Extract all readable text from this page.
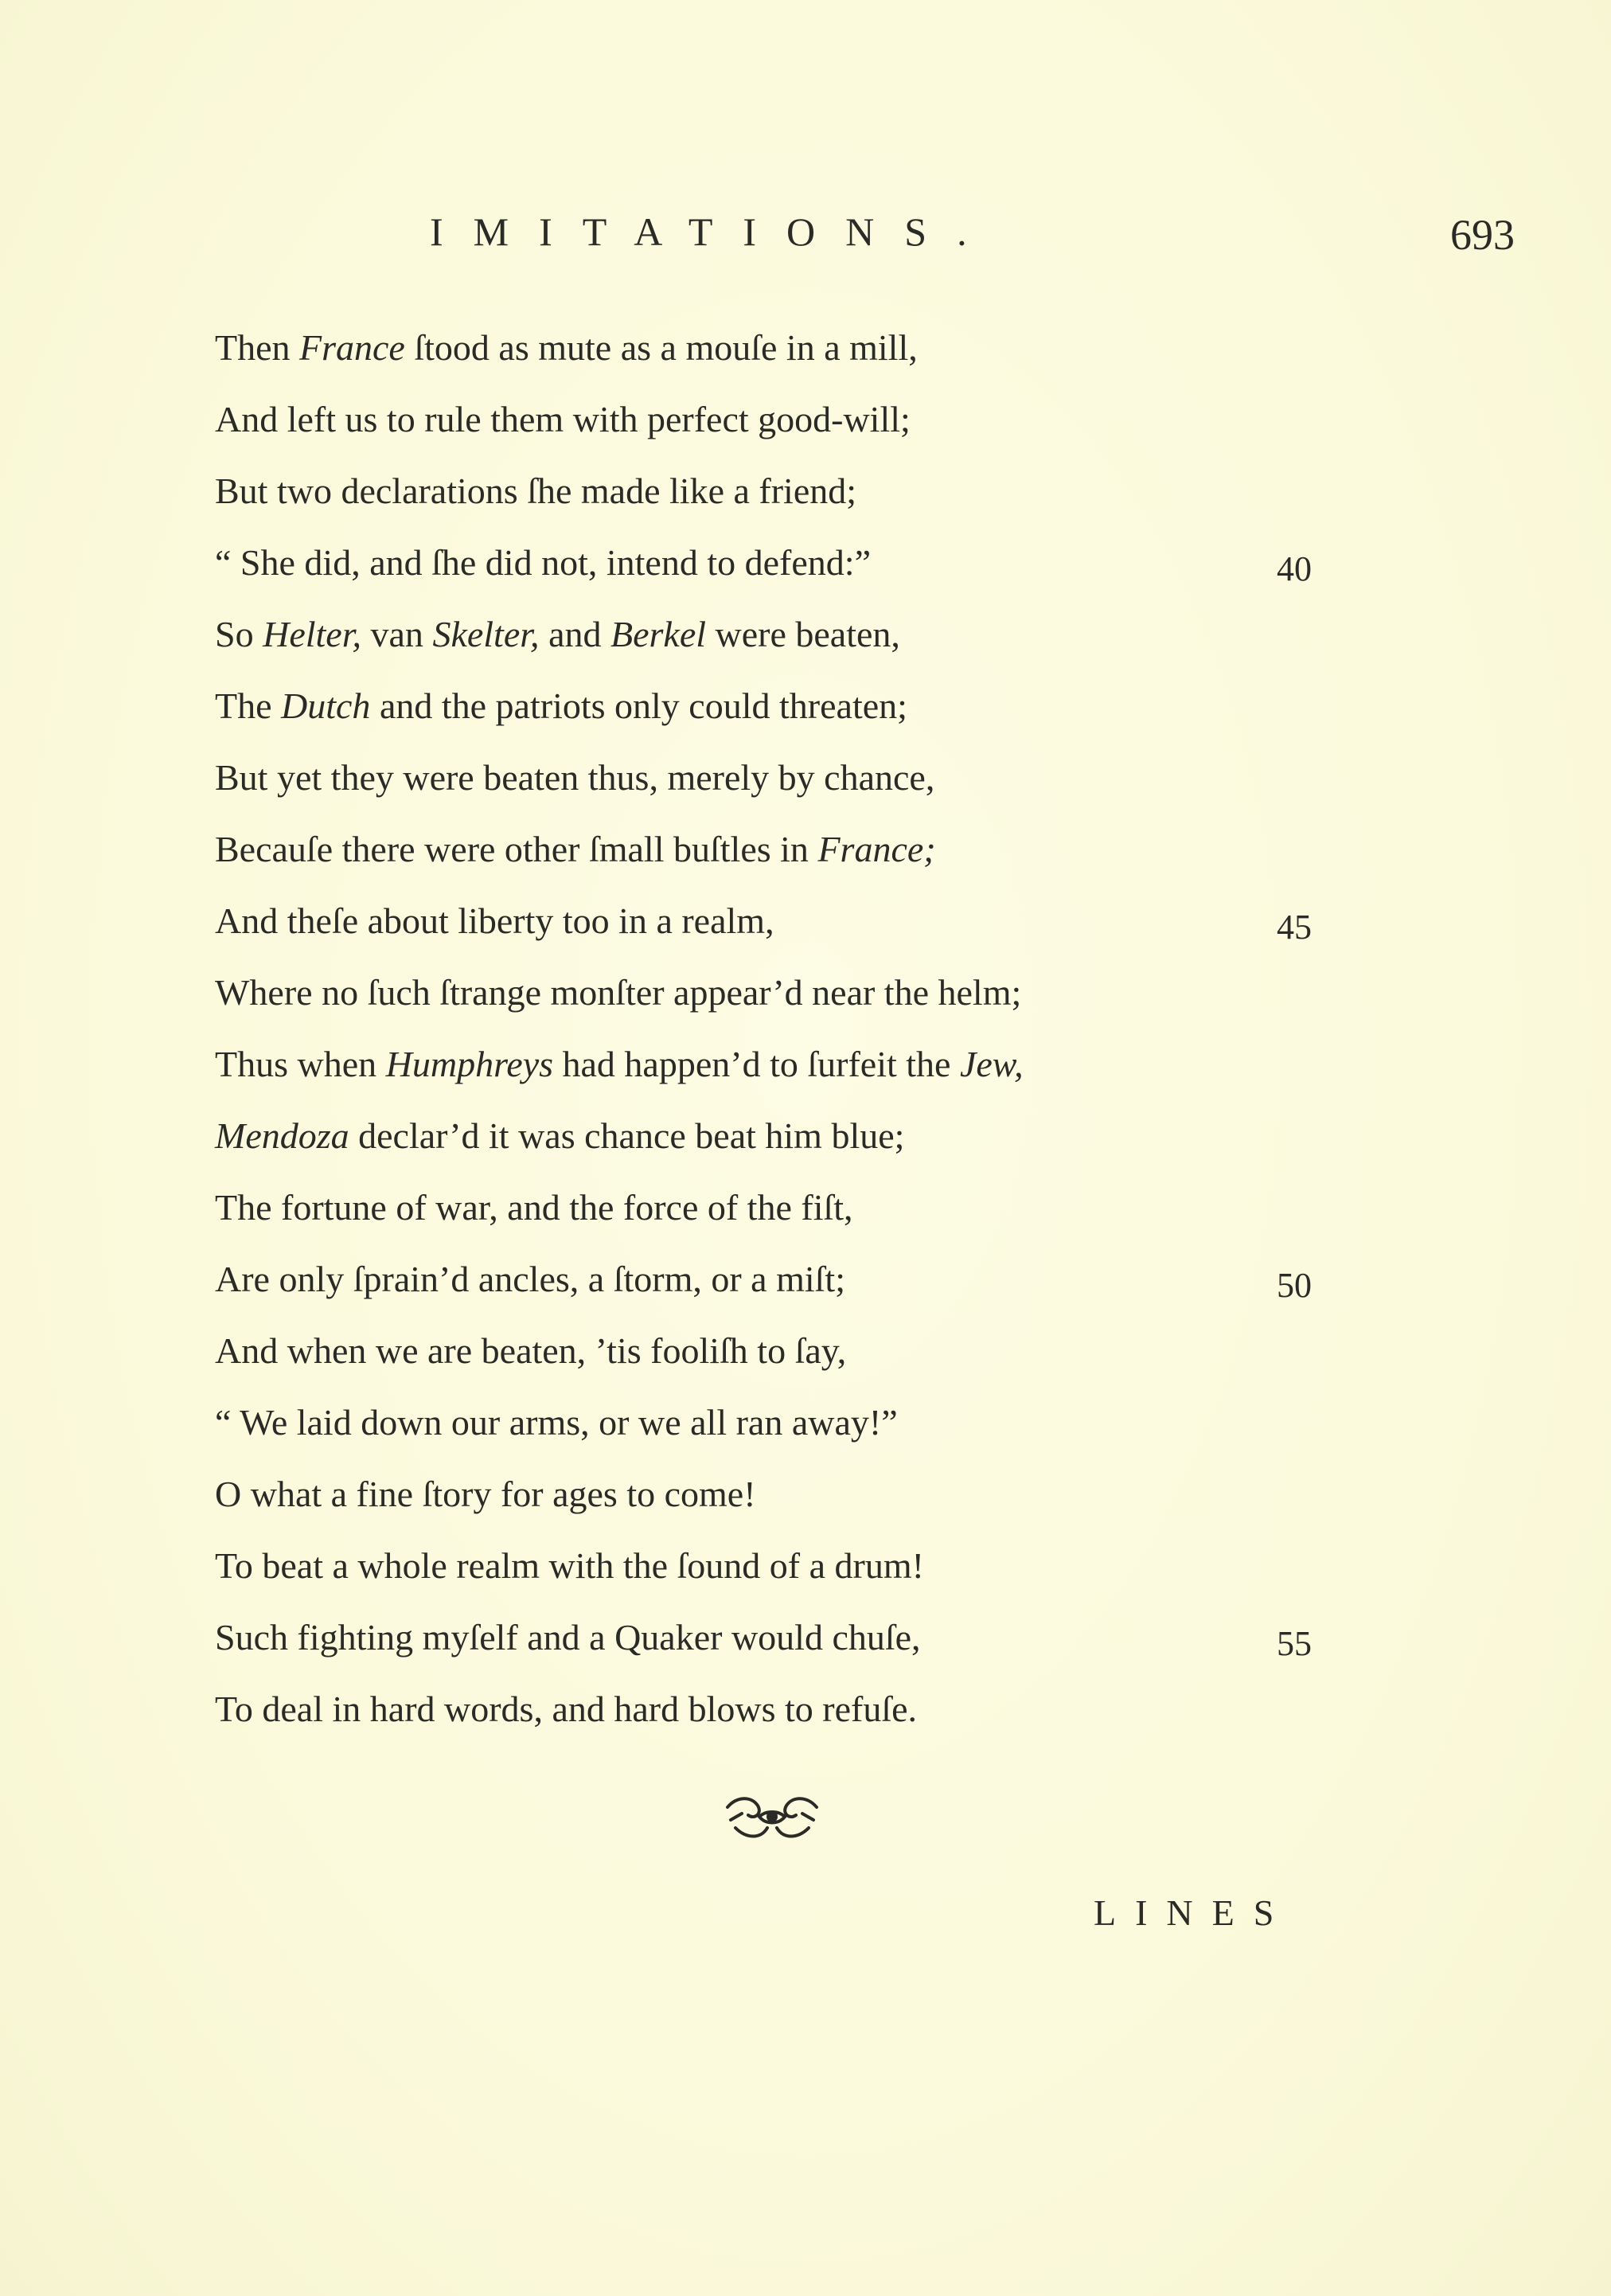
IMITATIONS.	693
Then France ſtood as mute as a mouſe in a mill,
And left us to rule them with perfect good-will;
But two declarations ſhe made like a friend;
“ She did, and ſhe did not, intend to defend:”	40
So Helter, van Skelter, and Berkel were beaten,
The Dutch and the patriots only could threaten;
But yet they were beaten thus, merely by chance,
Becauſe there were other ſmall buſtles in France;
And theſe about liberty too in a realm,	45
Where no ſuch ſtrange monſter appear’d near the helm;
Thus when Humphreys had happen’d to ſurfeit the Jew,
Mendoza declar’d it was chance beat him blue;
The fortune of war, and the force of the fiſt,
Are only ſprain’d ancles, a ſtorm, or a miſt;	50
And when we are beaten, ’tis fooliſh to ſay,
“ We laid down our arms, or we all ran away!”
O what a fine ſtory for ages to come!
To beat a whole realm with the ſound of a drum!
Such fighting myſelf and a Quaker would chuſe,	55
To deal in hard words, and hard blows to refuſe.
LINES
